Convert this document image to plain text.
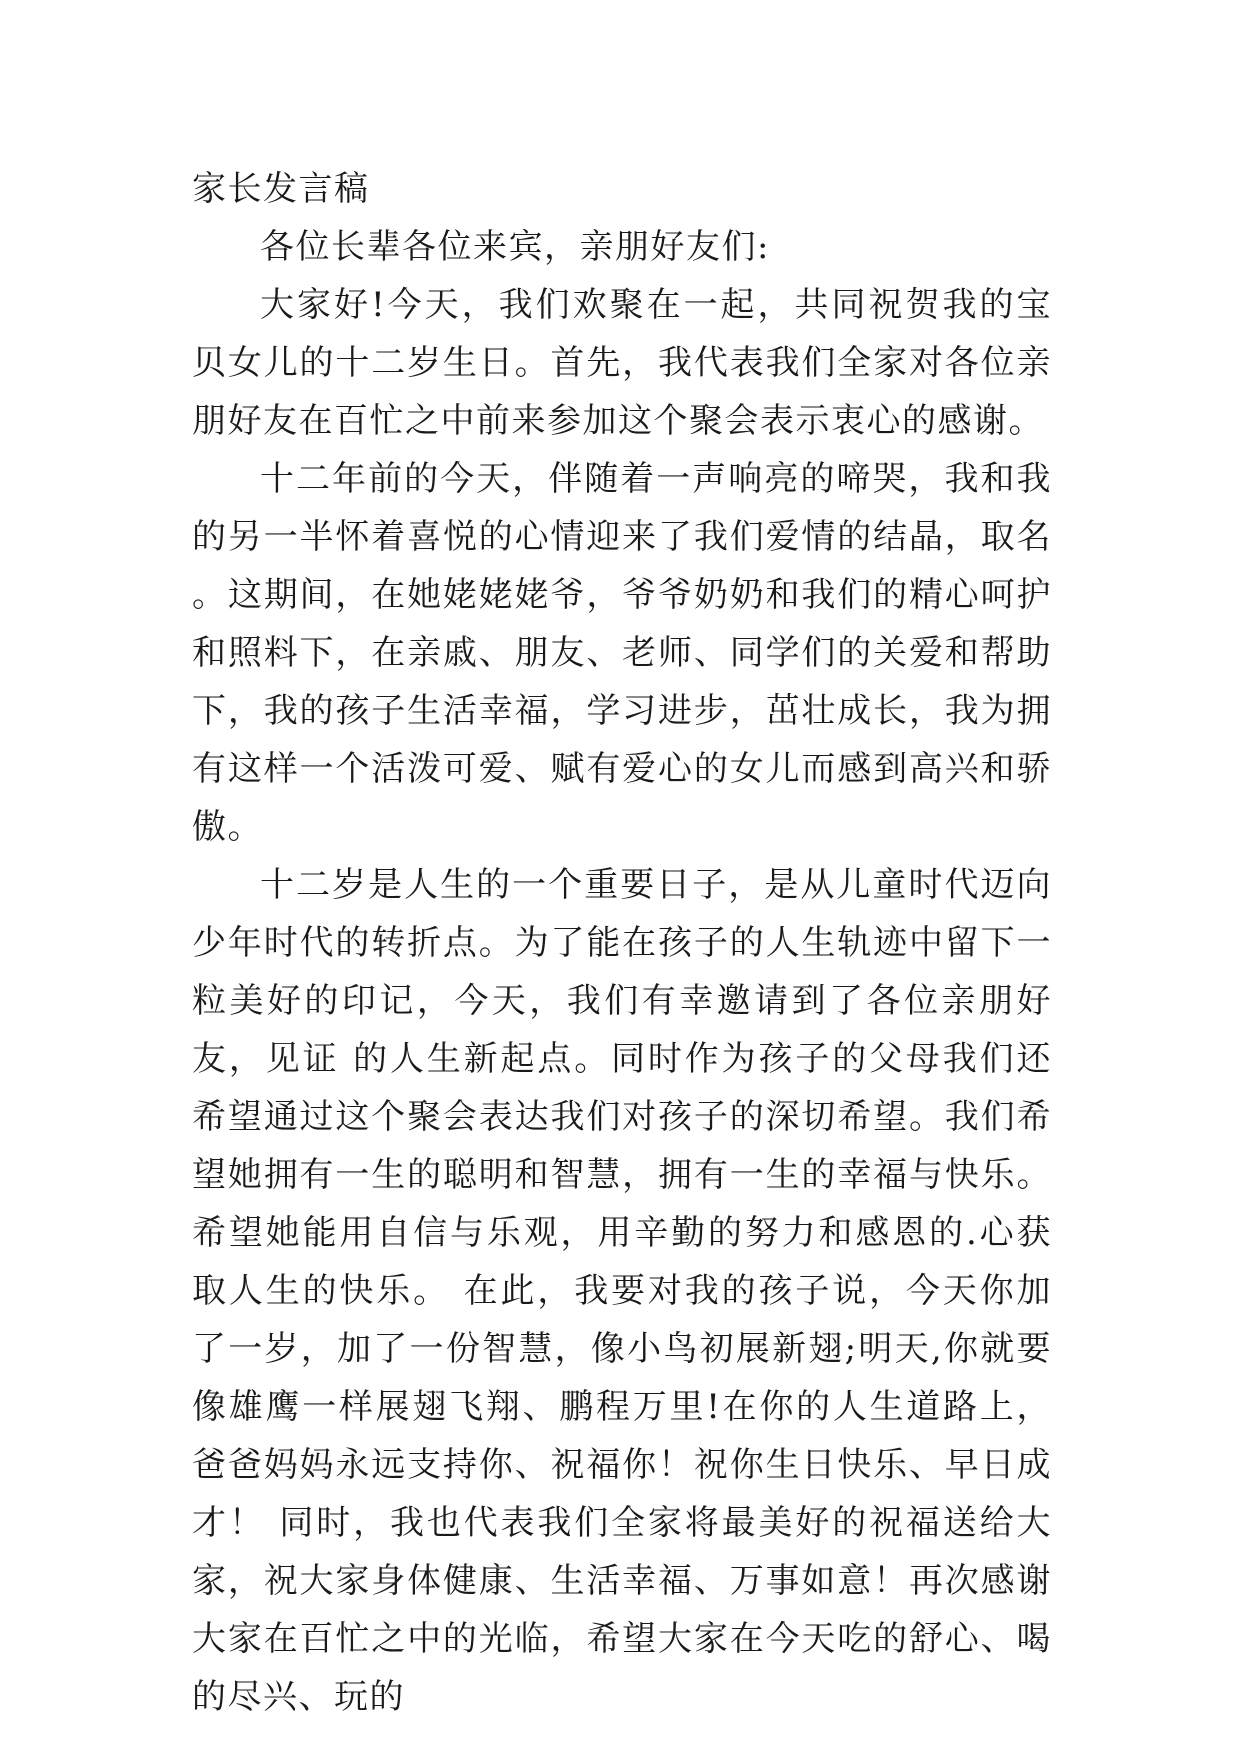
家长发言稿

各位长辈各位来宾，亲朋好友们:

大家好!今天，我们欢聚在一起，共同祝贺我的宝贝女儿的十二岁生日。首先，我代表我们全家对各位亲朋好友在百忙之中前来参加这个聚会表示衷心的感谢。

十二年前的今天，伴随着一声响亮的啼哭，我和我的另一半怀着喜悦的心情迎来了我们爱情的结晶，取名 。这期间，在她姥姥姥爷，爷爷奶奶和我们的精心呵护和照料下，在亲戚、朋友、老师、同学们的关爱和帮助下，我的孩子生活幸福，学习进步，茁壮成长，我为拥有这样一个活泼可爱、赋有爱心的女儿而感到高兴和骄傲。

十二岁是人生的一个重要日子，是从儿童时代迈向少年时代的转折点。为了能在孩子的人生轨迹中留下一粒美好的印记，今天，我们有幸邀请到了各位亲朋好友，见证 的人生新起点。同时作为孩子的父母我们还希望通过这个聚会表达我们对孩子的深切希望。我们希望她拥有一生的聪明和智慧，拥有一生的幸福与快乐。希望她能用自信与乐观，用辛勤的努力和感恩的.心获取人生的快乐。 在此，我要对我的孩子说，今天你加了一岁，加了一份智慧，像小鸟初展新翅;明天,你就要像雄鹰一样展翅飞翔、鹏程万里!在你的人生道路上，爸爸妈妈永远支持你、祝福你！祝你生日快乐、早日成才！ 同时，我也代表我们全家将最美好的祝福送给大家，祝大家身体健康、生活幸福、万事如意！再次感谢大家在百忙之中的光临，希望大家在今天吃的舒心、喝的尽兴、玩的
